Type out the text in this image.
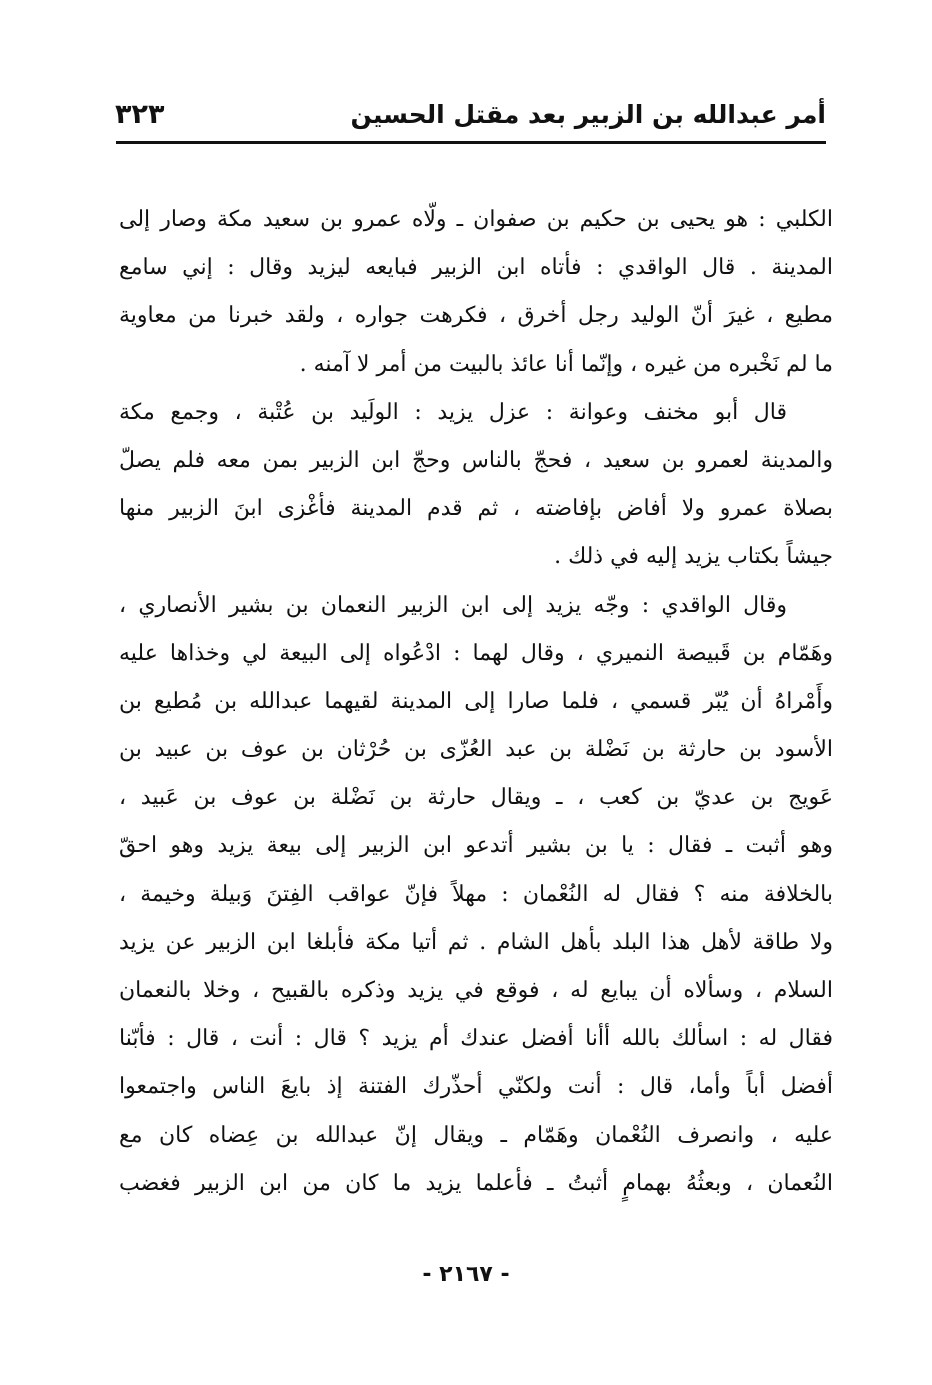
أمر عبدالله بن الزبير بعد مقتل الحسين
٣٢٣
الكلبي : هو يحيى بن حكيم بن صفوان ـ ولّاه عمرو بن سعيد مكة وصار إلى
المدينة . قال الواقدي : فأتاه ابن الزبير فبايعه ليزيد وقال : إني سامع
مطيع ، غيرَ أنّ الوليد رجل أخرق ، فكرهت جواره ، ولقد خبرنا من معاوية
ما لم نَخْبره من غيره ، وإنّما أنا عائذ بالبيت من أمر لا آمنه .
قال أبو مخنف وعوانة : عزل يزيد : الولَيد بن عُتْبة ، وجمع مكة
والمدينة لعمرو بن سعيد ، فحجّ بالناس وحجّ ابن الزبير بمن معه فلم يصلّ
بصلاة عمرو ولا أفاض بإفاضته ، ثم قدم المدينة فأغْزى ابنَ الزبير منها
جيشاً بكتاب يزيد إليه في ذلك .
وقال الواقدي : وجّه يزيد إلى ابن الزبير النعمان بن بشير الأنصاري ،
وهَمّام بن قَبيصة النميري ، وقال لهما : ادْعُواه إلى البيعة لي وخذاها عليه
وأَمْراهُ أن يُبّر قسمي ، فلما صارا إلى المدينة لقيهما عبدالله بن مُطيع بن
الأسود بن حارثة بن نَضْلة بن عبد العُزّى بن حُرْثان بن عوف بن عبيد بن
عَويج بن عديّ بن كعب ، ـ ويقال حارثة بن نَضْلة بن عوف بن عَبيد ،
وهو أثبت ـ فقال : يا بن بشير أتدعو ابن الزبير إلى بيعة يزيد وهو احقّ
بالخلافة منه ؟ فقال له النُعْمان : مهلاً فإنّ عواقب الفِتنَ وَبيلة وخيمة ،
ولا طاقة لأهل هذا البلد بأهل الشام . ثم أتيا مكة فأبلغا ابن الزبير عن يزيد
السلام ، وسألاه أن يبايع له ، فوقع في يزيد وذكره بالقبيح ، وخلا بالنعمان
فقال له : اسألك بالله أأنا أفضل عندك أم يزيد ؟ قال : أنت ، قال : فأبّنا
أفضل أباً وأما، قال : أنت ولكنّي أحذّرك الفتنة إذ بايعَ الناس واجتمعوا
عليه ، وانصرف النُعْمان وهَمّام ـ ويقال إنّ عبدالله بن عِضاه كان مع
النُعمان ، وبعثُهُ بهمامٍ أثبتُ ـ فأعلما يزيد ما كان من ابن الزبير فغضب
- ٢١٦٧ -
